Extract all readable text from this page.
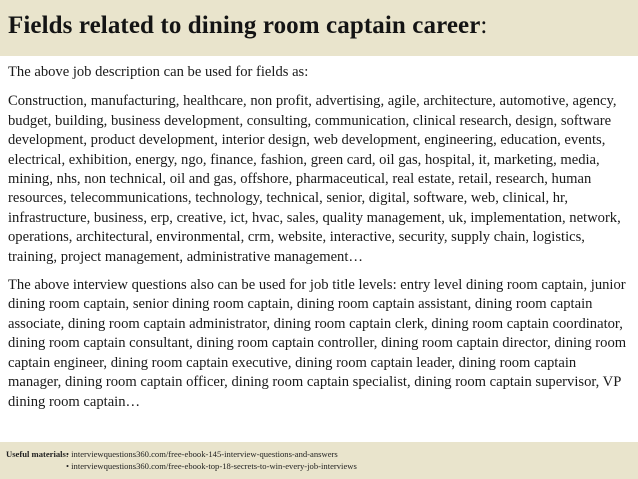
Fields related to dining room captain career:

The above job description can be used for fields as:

Construction, manufacturing, healthcare, non profit, advertising, agile, architecture, automotive, agency, budget, building, business development, consulting, communication, clinical research, design, software development, product development, interior design, web development, engineering, education, events, electrical, exhibition, energy, ngo, finance, fashion, green card, oil gas, hospital, it, marketing, media, mining, nhs, non technical, oil and gas, offshore, pharmaceutical, real estate, retail, research, human resources, telecommunications, technology, technical, senior, digital, software, web, clinical, hr, infrastructure, business, erp, creative, ict, hvac, sales, quality management, uk, implementation, network, operations, architectural, environmental, crm, website, interactive, security, supply chain, logistics, training, project management, administrative management…

The above interview questions also can be used for job title levels: entry level dining room captain, junior dining room captain, senior dining room captain, dining room captain assistant, dining room captain associate, dining room captain administrator, dining room captain clerk, dining room captain coordinator, dining room captain consultant, dining room captain controller, dining room captain director, dining room captain engineer, dining room captain executive, dining room captain leader, dining room captain manager, dining room captain officer, dining room captain specialist, dining room captain supervisor, VP dining room captain…

Useful materials:
• interviewquestions360.com/free-ebook-145-interview-questions-and-answers
• interviewquestions360.com/free-ebook-top-18-secrets-to-win-every-job-interviews
